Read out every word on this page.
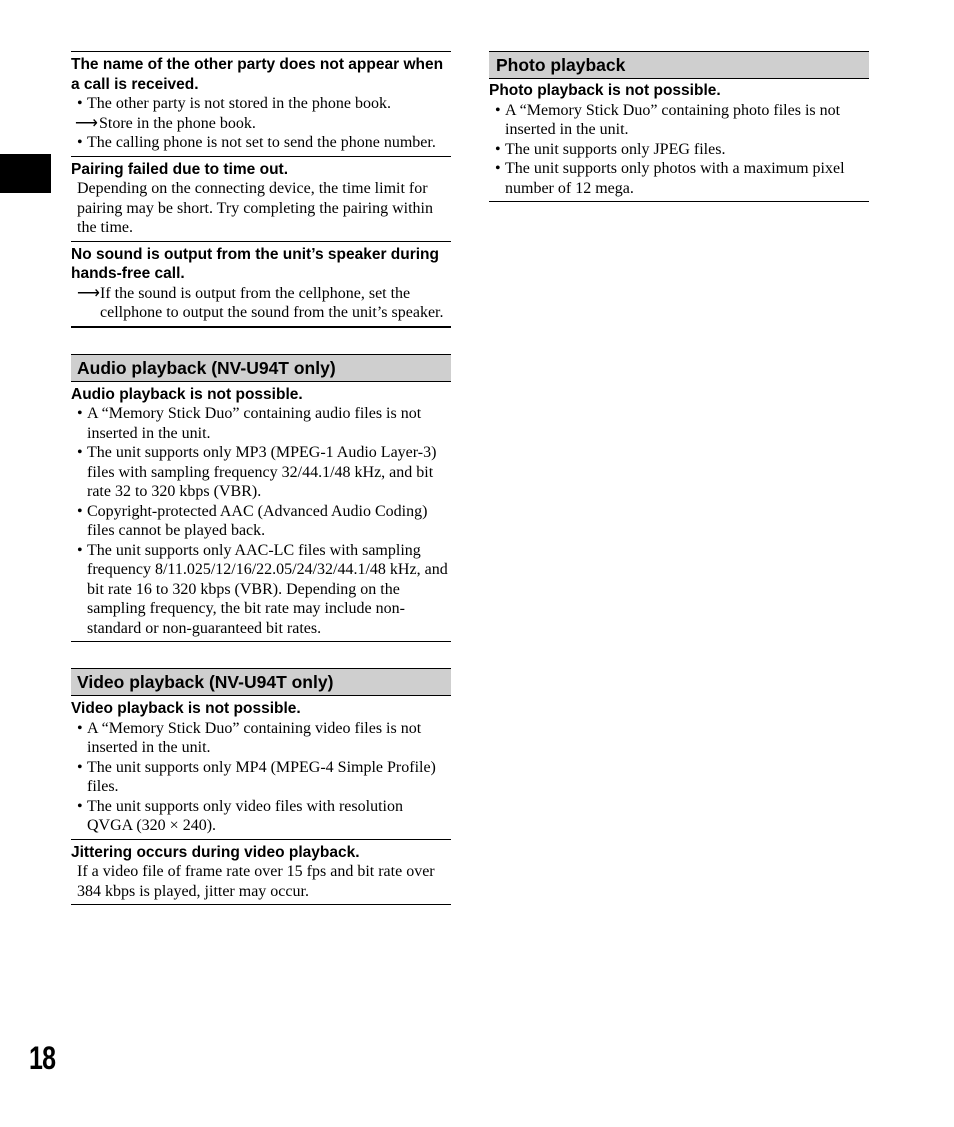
The name of the other party does not appear when a call is received.
• The other party is not stored in the phone book.
⟶ Store in the phone book.
• The calling phone is not set to send the phone number.
Pairing failed due to time out.
Depending on the connecting device, the time limit for pairing may be short. Try completing the pairing within the time.
No sound is output from the unit’s speaker during hands-free call.
⟶ If the sound is output from the cellphone, set the cellphone to output the sound from the unit’s speaker.
Audio playback (NV-U94T only)
Audio playback is not possible.
• A “Memory Stick Duo” containing audio files is not inserted in the unit.
• The unit supports only MP3 (MPEG-1 Audio Layer-3) files with sampling frequency 32/44.1/48 kHz, and bit rate 32 to 320 kbps (VBR).
• Copyright-protected AAC (Advanced Audio Coding) files cannot be played back.
• The unit supports only AAC-LC files with sampling frequency 8/11.025/12/16/22.05/24/32/44.1/48 kHz, and bit rate 16 to 320 kbps (VBR). Depending on the sampling frequency, the bit rate may include non-standard or non-guaranteed bit rates.
Video playback (NV-U94T only)
Video playback is not possible.
• A “Memory Stick Duo” containing video files is not inserted in the unit.
• The unit supports only MP4 (MPEG-4 Simple Profile) files.
• The unit supports only video files with resolution QVGA (320 × 240).
Jittering occurs during video playback.
If a video file of frame rate over 15 fps and bit rate over 384 kbps is played, jitter may occur.
Photo playback
Photo playback is not possible.
• A “Memory Stick Duo” containing photo files is not inserted in the unit.
• The unit supports only JPEG files.
• The unit supports only photos with a maximum pixel number of 12 mega.
18
